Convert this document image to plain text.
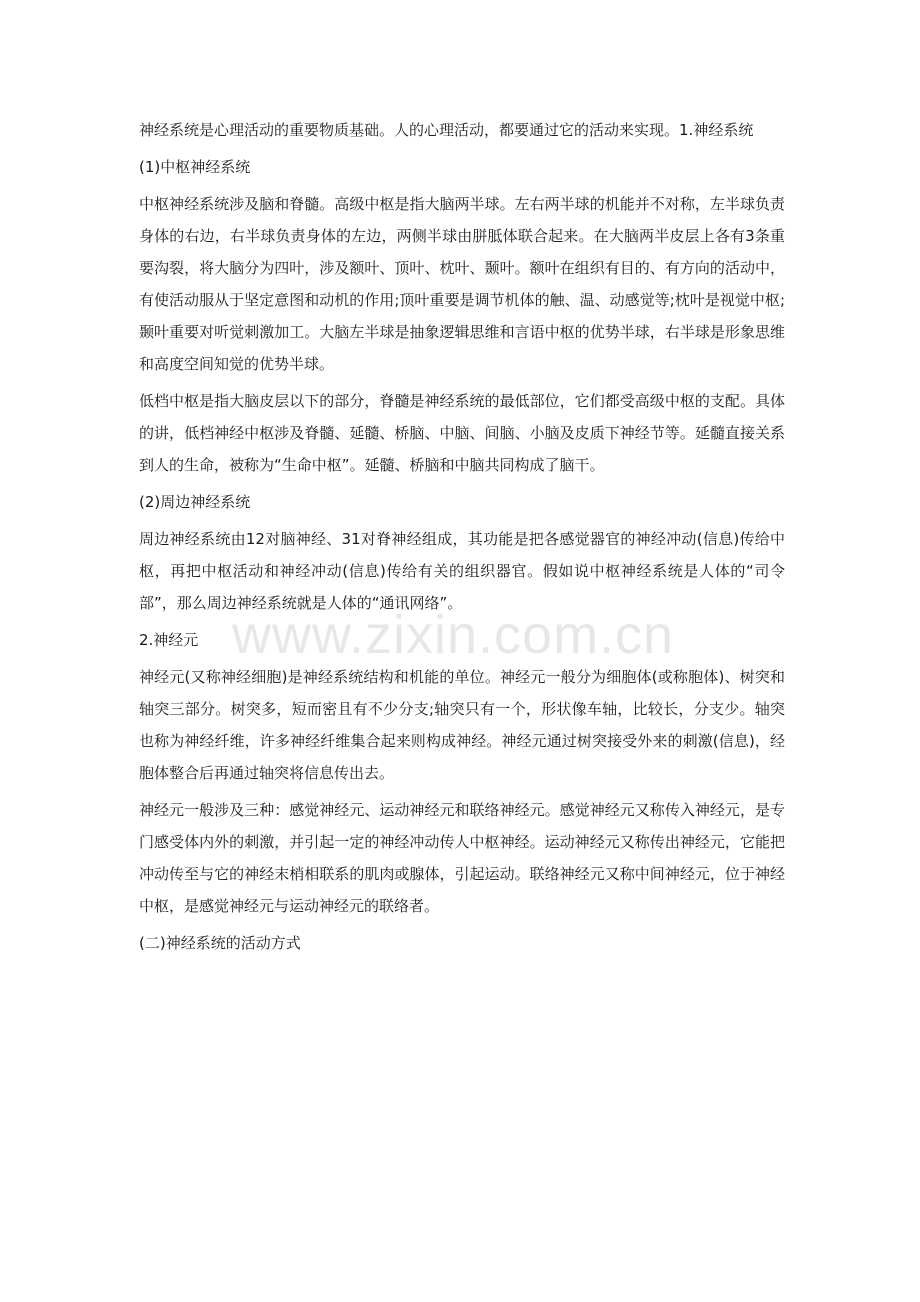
神经系统是心理活动的重要物质基础。人的心理活动，都要通过它的活动来实现。1.神经系统

(1)中枢神经系统

中枢神经系统涉及脑和脊髓。高级中枢是指大脑两半球。左右两半球的机能并不对称，左半球负责身体的右边，右半球负责身体的左边，两侧半球由胼胝体联合起来。在大脑两半皮层上各有3条重要沟裂，将大脑分为四叶，涉及额叶、顶叶、枕叶、颞叶。额叶在组织有目的、有方向的活动中，有使活动服从于坚定意图和动机的作用;顶叶重要是调节机体的触、温、动感觉等;枕叶是视觉中枢;颞叶重要对听觉刺激加工。大脑左半球是抽象逻辑思维和言语中枢的优势半球，右半球是形象思维和高度空间知觉的优势半球。

低档中枢是指大脑皮层以下的部分，脊髓是神经系统的最低部位，它们都受高级中枢的支配。具体的讲，低档神经中枢涉及脊髓、延髓、桥脑、中脑、间脑、小脑及皮质下神经节等。延髓直接关系到人的生命，被称为“生命中枢”。延髓、桥脑和中脑共同构成了脑干。

(2)周边神经系统

周边神经系统由12对脑神经、31对脊神经组成，其功能是把各感觉器官的神经冲动(信息)传给中枢，再把中枢活动和神经冲动(信息)传给有关的组织器官。假如说中枢神经系统是人体的“司令部”，那么周边神经系统就是人体的“通讯网络”。

2.神经元

神经元(又称神经细胞)是神经系统结构和机能的单位。神经元一般分为细胞体(或称胞体)、树突和轴突三部分。树突多，短而密且有不少分支;轴突只有一个，形状像车轴，比较长，分支少。轴突也称为神经纤维，许多神经纤维集合起来则构成神经。神经元通过树突接受外来的刺激(信息)，经胞体整合后再通过轴突将信息传出去。

神经元一般涉及三种：感觉神经元、运动神经元和联络神经元。感觉神经元又称传入神经元，是专门感受体内外的刺激，并引起一定的神经冲动传人中枢神经。运动神经元又称传出神经元，它能把冲动传至与它的神经末梢相联系的肌肉或腺体，引起运动。联络神经元又称中间神经元，位于神经中枢，是感觉神经元与运动神经元的联络者。

(二)神经系统的活动方式

www.zixin.com.cn
